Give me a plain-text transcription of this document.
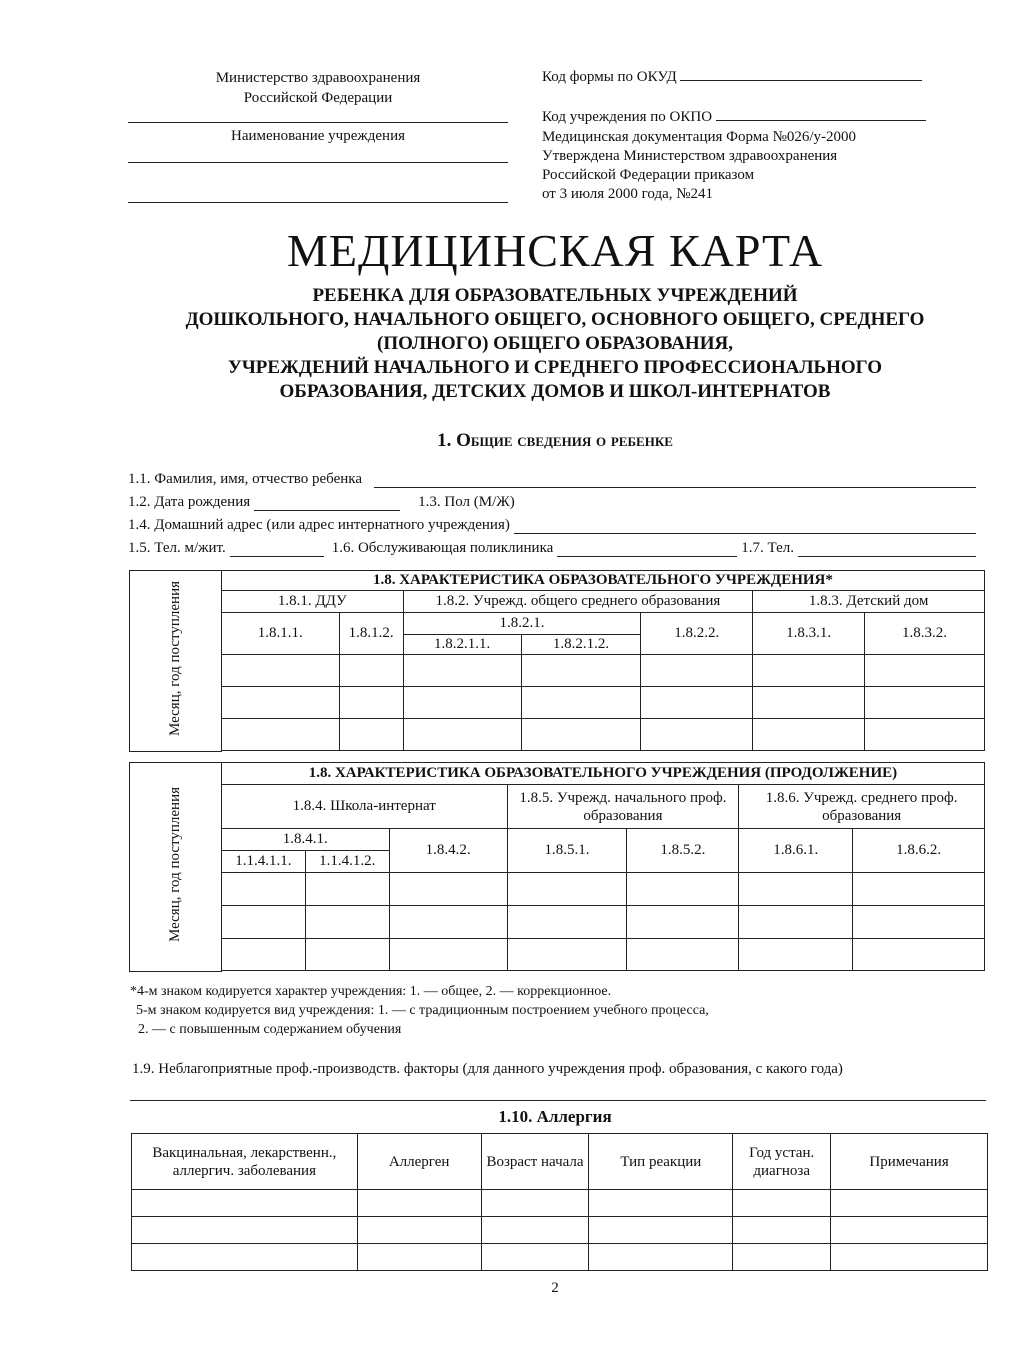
Министерство здравоохранения
Российской Федерации
Наименование учреждения
Код формы по ОКУД
Код учреждения по ОКПО
Медицинская документация Форма №026/у-2000
Утверждена Министерством здравоохранения
Российской Федерации приказом
от 3 июля 2000 года, №241
МЕДИЦИНСКАЯ КАРТА
РЕБЕНКА ДЛЯ ОБРАЗОВАТЕЛЬНЫХ УЧРЕЖДЕНИЙ
ДОШКОЛЬНОГО, НАЧАЛЬНОГО ОБЩЕГО, ОСНОВНОГО ОБЩЕГО, СРЕДНЕГО
(ПОЛНОГО) ОБЩЕГО ОБРАЗОВАНИЯ,
УЧРЕЖДЕНИЙ НАЧАЛЬНОГО И СРЕДНЕГО ПРОФЕССИОНАЛЬНОГО
ОБРАЗОВАНИЯ, ДЕТСКИХ ДОМОВ И ШКОЛ-ИНТЕРНАТОВ
1. Общие сведения о ребенке
1.1. Фамилия, имя, отчество ребенка
1.2. Дата рождения	1.3. Пол (М/Ж)
1.4. Домашний адрес (или адрес интернатного учреждения)
1.5. Тел. м/жит.	1.6. Обслуживающая поликлиника	1.7. Тел.
Месяц, год поступления	1.8. ХАРАКТЕРИСТИКА ОБРАЗОВАТЕЛЬНОГО УЧРЕЖДЕНИЯ*						
	1.8.1. ДДУ		1.8.2. Учрежд. общего среднего образования			1.8.3. Детский дом	
	1.8.1.1.	1.8.1.2.	1.8.2.1.		1.8.2.2.	1.8.3.1.	1.8.3.2.
			1.8.2.1.1.	1.8.2.1.2.			

Месяц, год поступления	1.8. ХАРАКТЕРИСТИКА ОБРАЗОВАТЕЛЬНОГО УЧРЕЖДЕНИЯ (ПРОДОЛЖЕНИЕ)						
	1.8.4. Школа-интернат			1.8.5. Учрежд. начального проф. образования		1.8.6. Учрежд. среднего проф. образования	
	1.8.4.1.		1.8.4.2.	1.8.5.1.	1.8.5.2.	1.8.6.1.	1.8.6.2.
	1.1.4.1.1.	1.1.4.1.2.					

*4-м знаком кодируется характер учреждения: 1. — общее, 2. — коррекционное.
5-м знаком кодируется вид учреждения: 1. — с традиционным построением учебного процесса,
2. — с повышенным содержанием обучения
1.9. Неблагоприятные проф.-производств. факторы (для данного учреждения проф. образования, с какого года)
1.10. Аллергия
Вакцинальная, лекарственн., аллергич. заболевания	Аллерген	Возраст начала	Тип реакции	Год устан. диагноза	Примечания

2
